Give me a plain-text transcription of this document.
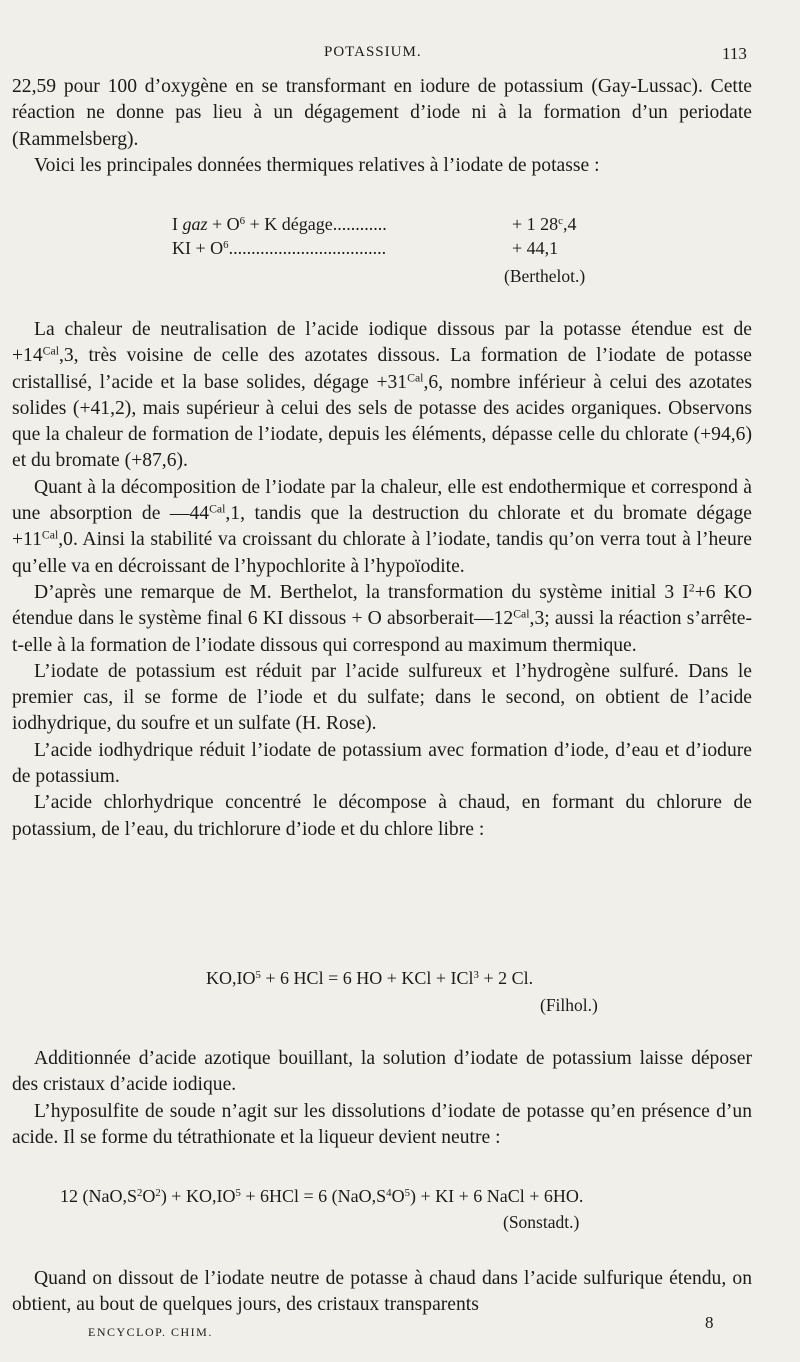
POTASSIUM.	113

22,59 pour 100 d’oxygène en se transformant en iodure de potassium (Gay-Lussac). Cette réaction ne donne pas lieu à un dégagement d’iode ni à la formation d’un periodate (Rammelsberg).

Voici les principales données thermiques relatives à l’iodate de potasse :

I gaz + $O^6 + K$ dégage............	+ 1 28$^c$,4
KI + $O^6$...................................	+ 44,1
(Berthelot.)

La chaleur de neutralisation de l’acide iodique dissous par la potasse étendue est de $+14^{Cal},3$, très voisine de celle des azotates dissous. La formation de l’iodate de potasse cristallisé, l’acide et la base solides, dégage $+31^{Cal},6$, nombre inférieur à celui des azotates solides (+41,2), mais supérieur à celui des sels de potasse des acides organiques. Observons que la chaleur de formation de l’iodate, depuis les éléments, dépasse celle du chlorate (+94,6) et du bromate (+87,6).

Quant à la décomposition de l’iodate par la chaleur, elle est endothermique et correspond à une absorption de $—44^{Cal},1$, tandis que la destruction du chlorate et du bromate dégage $+11^{Cal},0$. Ainsi la stabilité va croissant du chlorate à l’iodate, tandis qu’on verra tout à l’heure qu’elle va en décroissant de l’hypochlorite à l’hypoïodite.

D’après une remarque de M. Berthelot, la transformation du système initial 3 $I^2+6$ KO étendue dans le système final 6 KI dissous + O $absorberait—12^{Cal},3$; aussi la réaction s’arrête-t-elle à la formation de l’iodate dissous qui correspond au maximum thermique.

L’iodate de potassium est réduit par l’acide sulfureux et l’hydrogène sulfuré. Dans le premier cas, il se forme de l’iode et du sulfate; dans le second, on obtient de l’acide iodhydrique, du soufre et un sulfate (H. Rose).

L’acide iodhydrique réduit l’iodate de potassium avec formation d’iode, d’eau et d’iodure de potassium.

L’acide chlorhydrique concentré le décompose à chaud, en formant du chlorure de potassium, de l’eau, du trichlorure d’iode et du chlore libre :

$KO,IO^5 + 6$ HCl = 6 HO + KCl + ICl$^3$ + 2 Cl.
(Filhol.)

Additionnée d’acide azotique bouillant, la solution d’iodate de potassium laisse déposer des cristaux d’acide iodique.

L’hyposulfite de soude n’agit sur les dissolutions d’iodate de potasse qu’en présence d’un acide. Il se forme du tétrathionate et la liqueur devient neutre :

12 $(NaO,S^2O^2) + KO,IO^5 + 6HCl = 6$ $(NaO,S^4O^5)$ + KI + 6 NaCl + 6HO.
(Sonstadt.)

Quand on dissout de l’iodate neutre de potasse à chaud dans l’acide sulfurique étendu, on obtient, au bout de quelques jours, des cristaux transparents

ENCYCLOP. CHIM.	8
